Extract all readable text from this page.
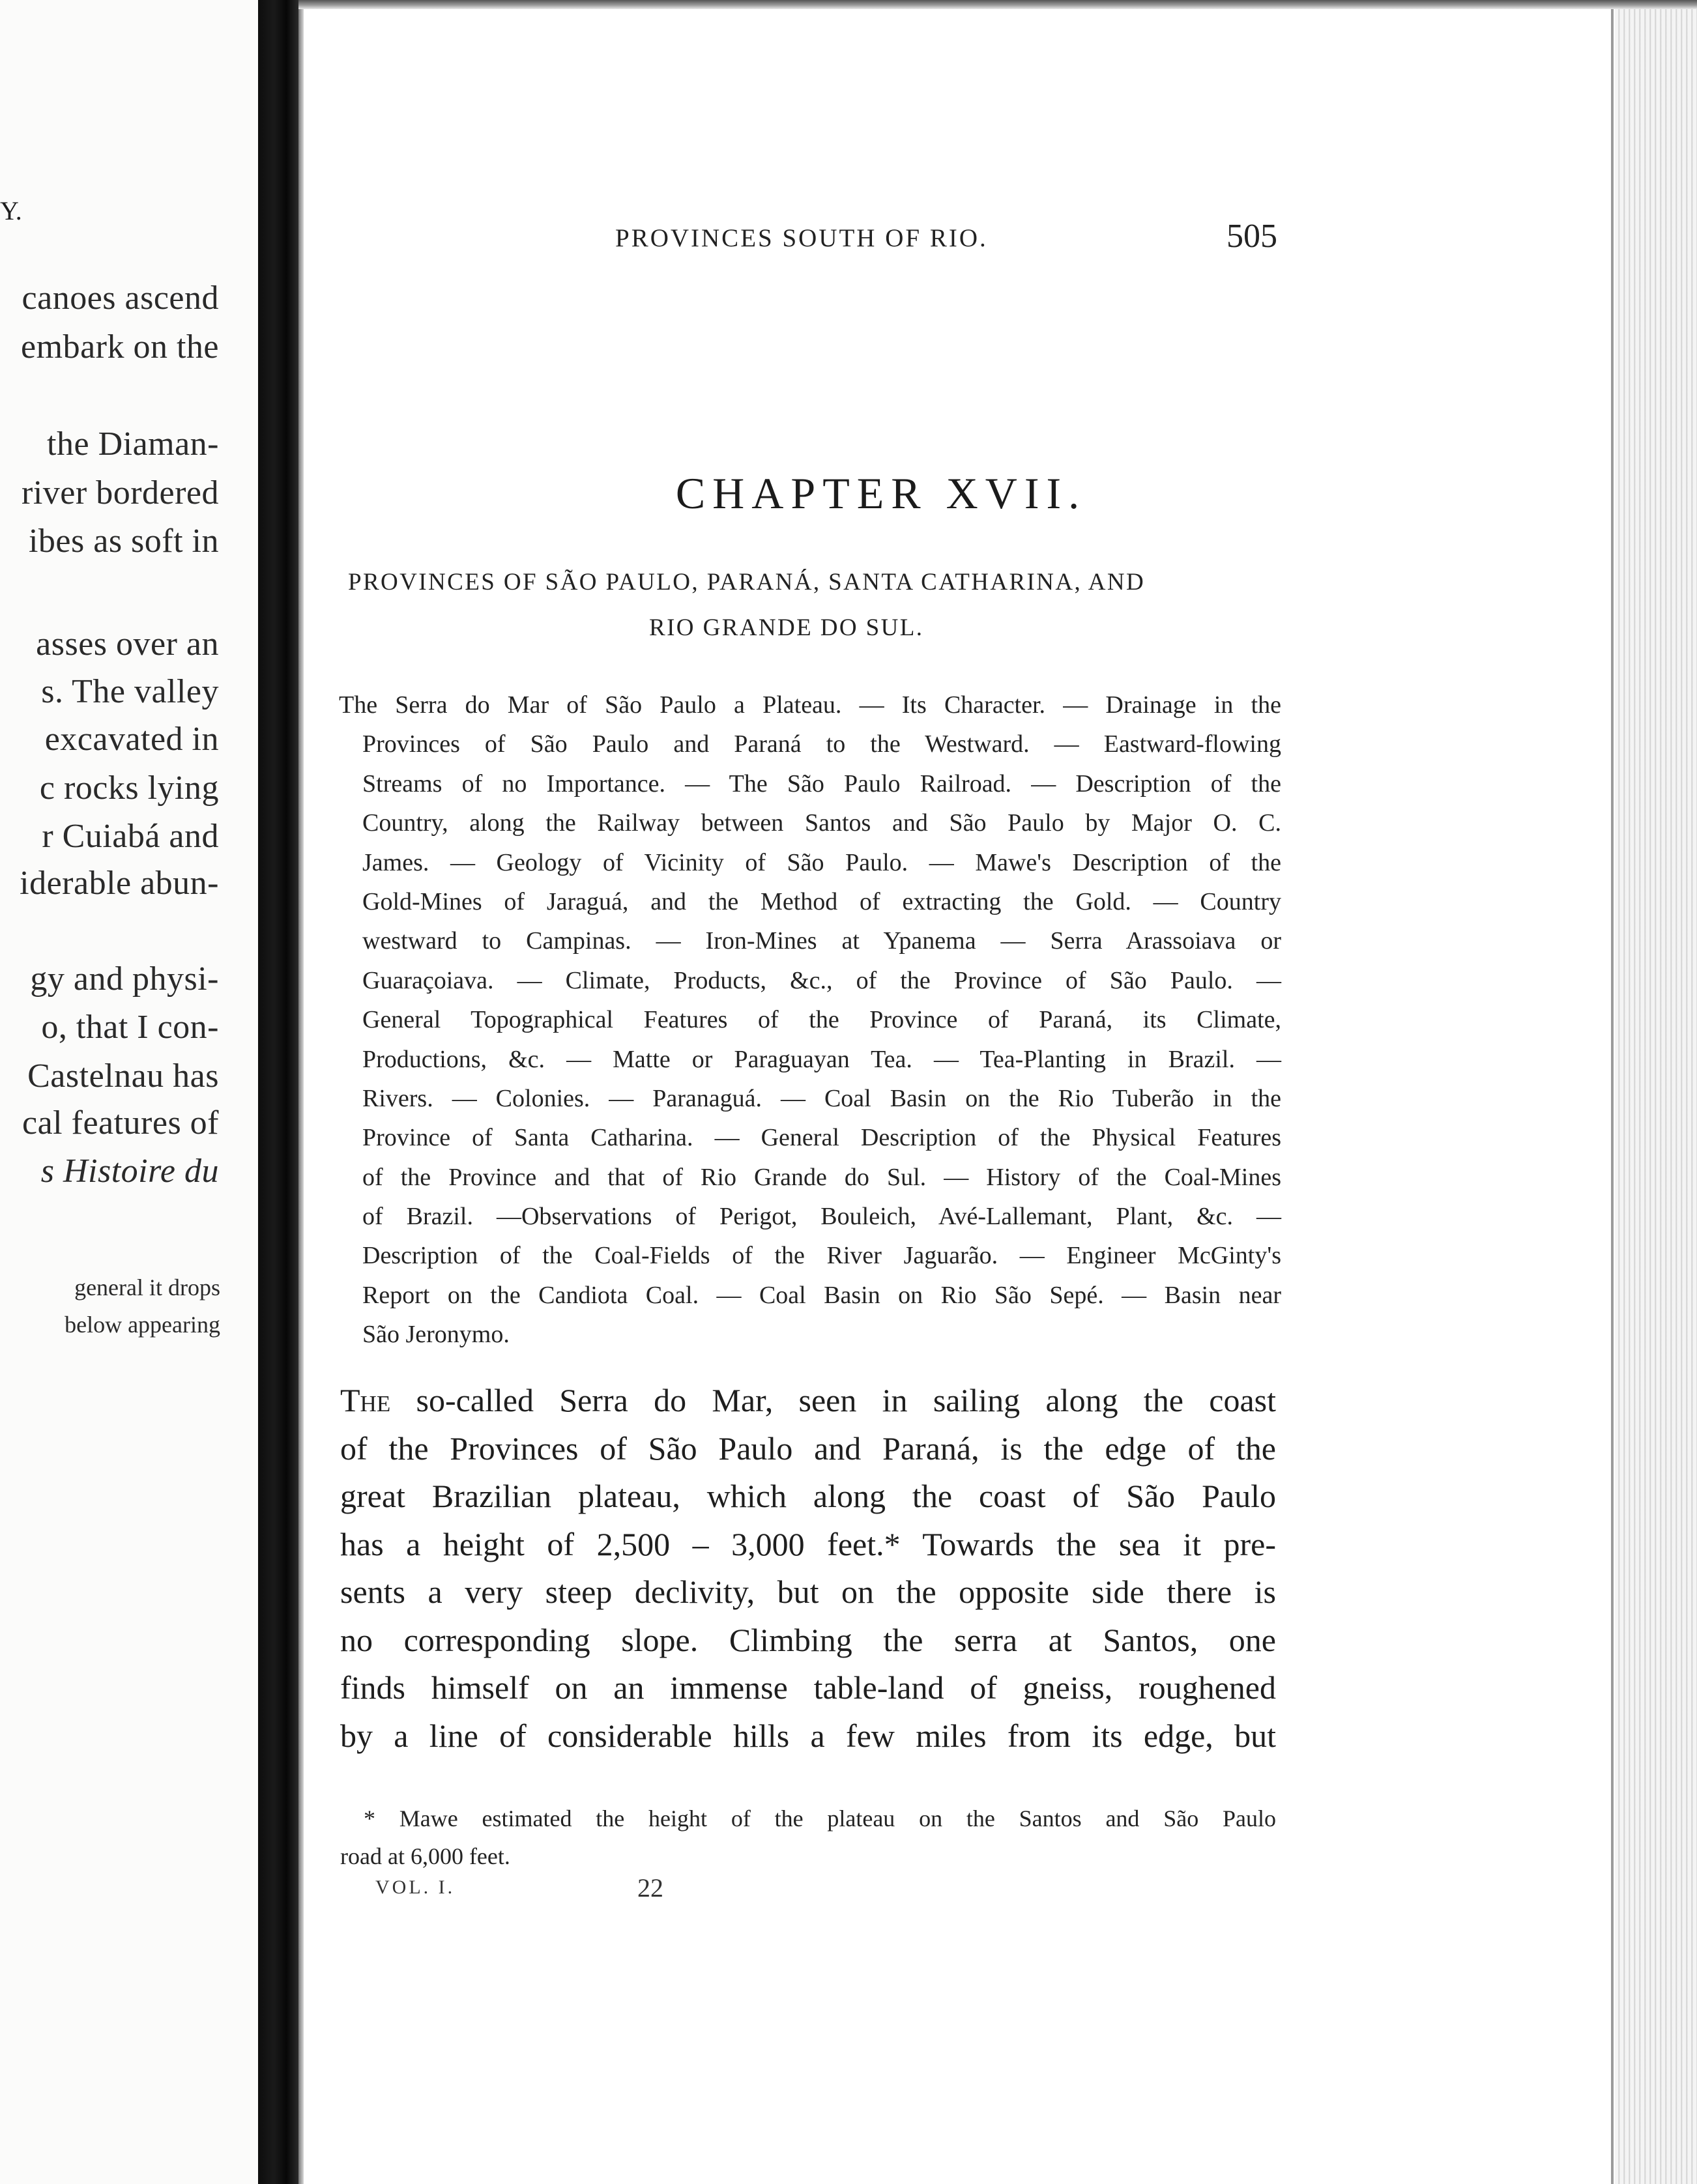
Y.
canoes ascend
embark on the
the Diaman-
river bordered
ibes as soft in
asses over an
s. The valley
excavated in
c rocks lying
r Cuiabá and
iderable abun-
gy and physi-
o, that I con-
Castelnau has
cal features of
s Histoire du
general it drops
below appearing
PROVINCES SOUTH OF RIO.	505
CHAPTER XVII.
PROVINCES OF SÃO PAULO, PARANÁ, SANTA CATHARINA, AND
RIO GRANDE DO SUL.
The Serra do Mar of São Paulo a Plateau. — Its Character. — Drainage in the
Provinces of São Paulo and Paraná to the Westward. — Eastward-flowing
Streams of no Importance. — The São Paulo Railroad. — Description of the
Country, along the Railway between Santos and São Paulo by Major O. C.
James. — Geology of Vicinity of São Paulo. — Mawe's Description of the
Gold-Mines of Jaraguá, and the Method of extracting the Gold. — Country
westward to Campinas. — Iron-Mines at Ypanema — Serra Arassoiava or
Guaraçoiava. — Climate, Products, &c., of the Province of São Paulo. —
General Topographical Features of the Province of Paraná, its Climate,
Productions, &c. — Matte or Paraguayan Tea. — Tea-Planting in Brazil. —
Rivers. — Colonies. — Paranaguá. — Coal Basin on the Rio Tuberão in the
Province of Santa Catharina. — General Description of the Physical Features
of the Province and that of Rio Grande do Sul. — History of the Coal-Mines
of Brazil. —Observations of Perigot, Bouleich, Avé-Lallemant, Plant, &c. —
Description of the Coal-Fields of the River Jaguarão. — Engineer McGinty's
Report on the Candiota Coal. — Coal Basin on Rio São Sepé. — Basin near
São Jeronymo.
The so-called Serra do Mar, seen in sailing along the coast
of the Provinces of São Paulo and Paraná, is the edge of the
great Brazilian plateau, which along the coast of São Paulo
has a height of 2,500 – 3,000 feet.* Towards the sea it pre-
sents a very steep declivity, but on the opposite side there is
no corresponding slope. Climbing the serra at Santos, one
finds himself on an immense table-land of gneiss, roughened
by a line of considerable hills a few miles from its edge, but
* Mawe estimated the height of the plateau on the Santos and São Paulo
road at 6,000 feet.
VOL. I.	22
